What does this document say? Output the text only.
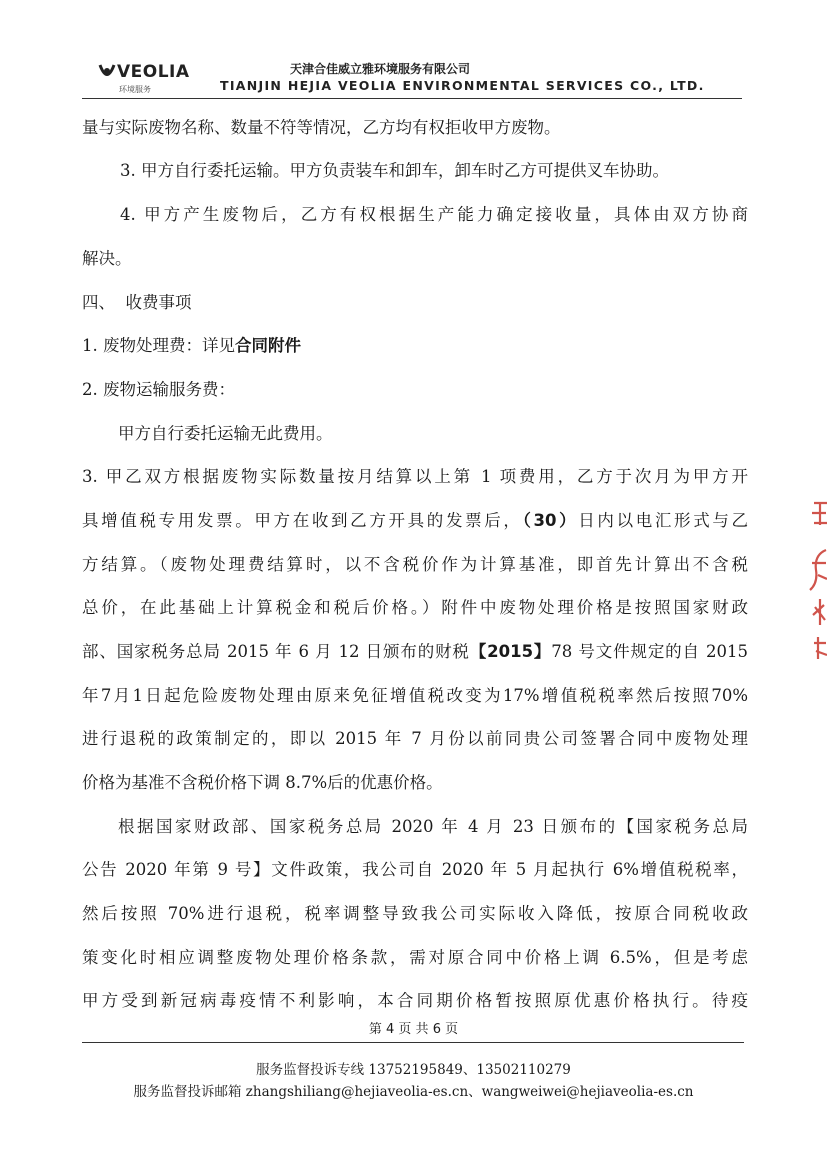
VEOLIA
环境服务
天津合佳威立雅环境服务有限公司
TIANJIN HEJIA VEOLIA ENVIRONMENTAL SERVICES CO., LTD.
量与实际废物名称、数量不符等情况，乙方均有权拒收甲方废物。
3. 甲方自行委托运输。甲方负责装车和卸车，卸车时乙方可提供叉车协助。
4. 甲方产生废物后，乙方有权根据生产能力确定接收量，具体由双方协商
解决。
四、  收费事项
1. 废物处理费：详见合同附件
2. 废物运输服务费：
甲方自行委托运输无此费用。
3. 甲乙双方根据废物实际数量按月结算以上第 1 项费用，乙方于次月为甲方开
具增值税专用发票。甲方在收到乙方开具的发票后，（30）日内以电汇形式与乙
方结算。（废物处理费结算时，以不含税价作为计算基准，即首先计算出不含税
总价，在此基础上计算税金和税后价格。）附件中废物处理价格是按照国家财政
部、国家税务总局 2015 年 6 月 12 日颁布的财税【2015】78 号文件规定的自 2015
年7月1日起危险废物处理由原来免征增值税改变为17%增值税税率然后按照70%
进行退税的政策制定的，即以 2015 年 7 月份以前同贵公司签署合同中废物处理
价格为基准不含税价格下调 8.7%后的优惠价格。
根据国家财政部、国家税务总局 2020 年 4 月 23 日颁布的【国家税务总局
公告 2020 年第 9 号】文件政策，我公司自 2020 年 5 月起执行 6%增值税税率，
然后按照 70%进行退税，税率调整导致我公司实际收入降低，按原合同税收政
策变化时相应调整废物处理价格条款，需对原合同中价格上调 6.5%，但是考虑
甲方受到新冠病毒疫情不利影响，本合同期价格暂按照原优惠价格执行。待疫
第 4 页 共 6 页
服务监督投诉专线 13752195849、13502110279
服务监督投诉邮箱 zhangshiliang@hejiaveolia-es.cn、wangweiwei@hejiaveolia-es.cn
